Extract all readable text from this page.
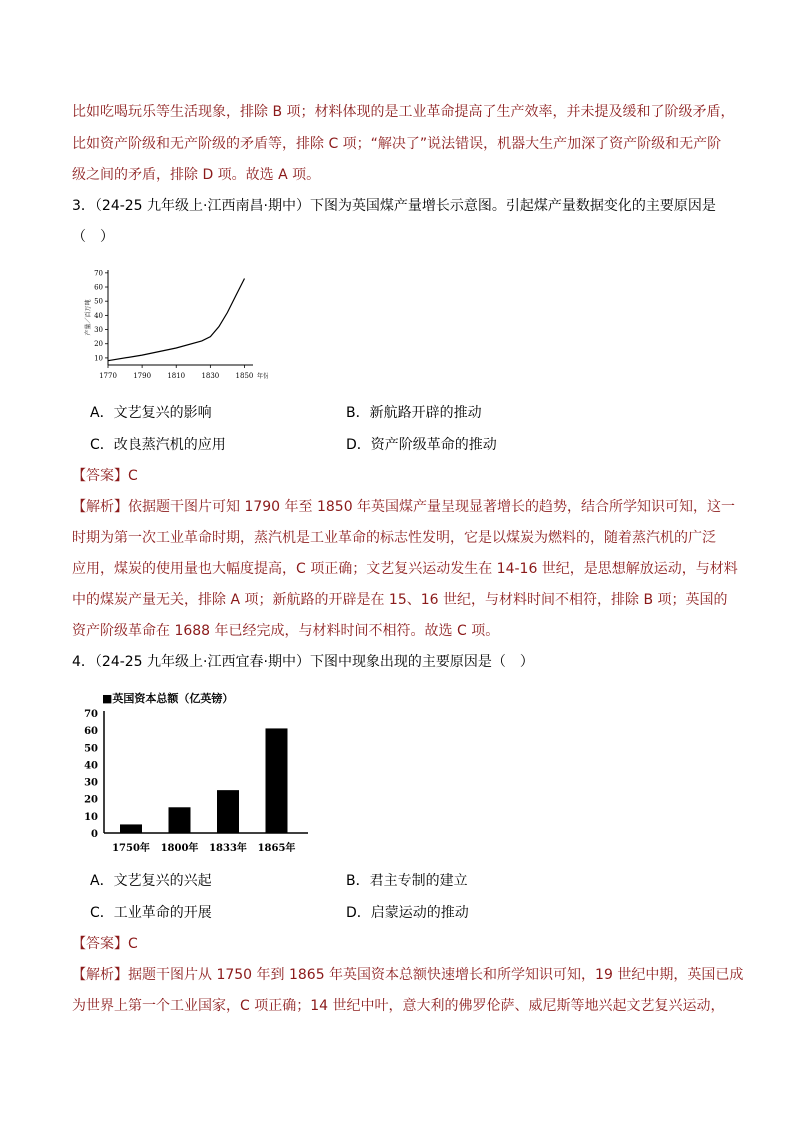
比如吃喝玩乐等生活现象，排除 B 项；材料体现的是工业革命提高了生产效率，并未提及缓和了阶级矛盾，
比如资产阶级和无产阶级的矛盾等，排除 C 项；“解决了”说法错误，机器大生产加深了资产阶级和无产阶
级之间的矛盾，排除 D 项。故选 A 项。
3．（24-25 九年级上·江西南昌·期中）下图为英国煤产量增长示意图。引起煤产量数据变化的主要原因是
（　）
10
20
30
40
50
60
70
1770 1790 1810 1830 1850 年份
产量／百万吨
A．文艺复兴的影响	B．新航路开辟的推动
C．改良蒸汽机的应用	D．资产阶级革命的推动
【答案】C
【解析】依据题干图片可知 1790 年至 1850 年英国煤产量呈现显著增长的趋势，结合所学知识可知，这一
时期为第一次工业革命时期，蒸汽机是工业革命的标志性发明，它是以煤炭为燃料的，随着蒸汽机的广泛
应用，煤炭的使用量也大幅度提高，C 项正确；文艺复兴运动发生在 14-16 世纪，是思想解放运动，与材料
中的煤炭产量无关，排除 A 项；新航路的开辟是在 15、16 世纪，与材料时间不相符，排除 B 项；英国的
资产阶级革命在 1688 年已经完成，与材料时间不相符。故选 C 项。
4．（24-25 九年级上·江西宜春·期中）下图中现象出现的主要原因是（　）
■英国资本总额（亿英镑）
0
10
20
30
40
50
60
70
1750年 1800年 1833年 1865年
A．文艺复兴的兴起	B．君主专制的建立
C．工业革命的开展	D．启蒙运动的推动
【答案】C
【解析】据题干图片从 1750 年到 1865 年英国资本总额快速增长和所学知识可知，19 世纪中期，英国已成
为世界上第一个工业国家，C 项正确；14 世纪中叶，意大利的佛罗伦萨、威尼斯等地兴起文艺复兴运动，
